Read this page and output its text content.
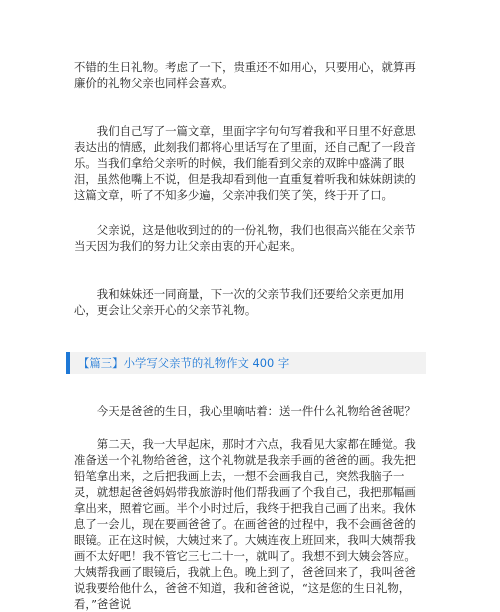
不错的生日礼物。考虑了一下，贵重还不如用心，只要用心，就算再廉价的礼物父亲也同样会喜欢。

我们自己写了一篇文章，里面字字句句写着我和平日里不好意思表达出的情感，此刻我们都将心里话写在了里面，还自己配了一段音乐。当我们拿给父亲听的时候，我们能看到父亲的双眸中盛满了眼泪，虽然他嘴上不说，但是我却看到他一直重复着听我和妹妹朗读的这篇文章，听了不知多少遍，父亲冲我们笑了笑，终于开了口。

父亲说，这是他收到过的的一份礼物，我们也很高兴能在父亲节当天因为我们的努力让父亲由衷的开心起来。

我和妹妹还一同商量，下一次的父亲节我们还要给父亲更加用心，更会让父亲开心的父亲节礼物。

【篇三】小学写父亲节的礼物作文 400 字

今天是爸爸的生日，我心里嘀咕着：送一件什么礼物给爸爸呢？

第二天，我一大早起床，那时才六点，我看见大家都在睡觉。我准备送一个礼物给爸爸，这个礼物就是我亲手画的爸爸的画。我先把铅笔拿出来，之后把我画上去，一想不会画我自己，突然我脑子一灵，就想起爸爸妈妈带我旅游时他们帮我画了个我自己，我把那幅画拿出来，照着它画。半个小时过后，我终于把我自己画了出来。我休息了一会儿，现在要画爸爸了。在画爸爸的过程中，我不会画爸爸的眼镜。正在这时候，大姨过来了。大姨连夜上班回来，我叫大姨帮我画不太好吧！我不管它三七二十一，就叫了。我想不到大姨会答应。大姨帮我画了眼镜后，我就上色。晚上到了，爸爸回来了，我叫爸爸说我要给他什么，爸爸不知道，我和爸爸说，“这是您的生日礼物，看，”爸爸说
